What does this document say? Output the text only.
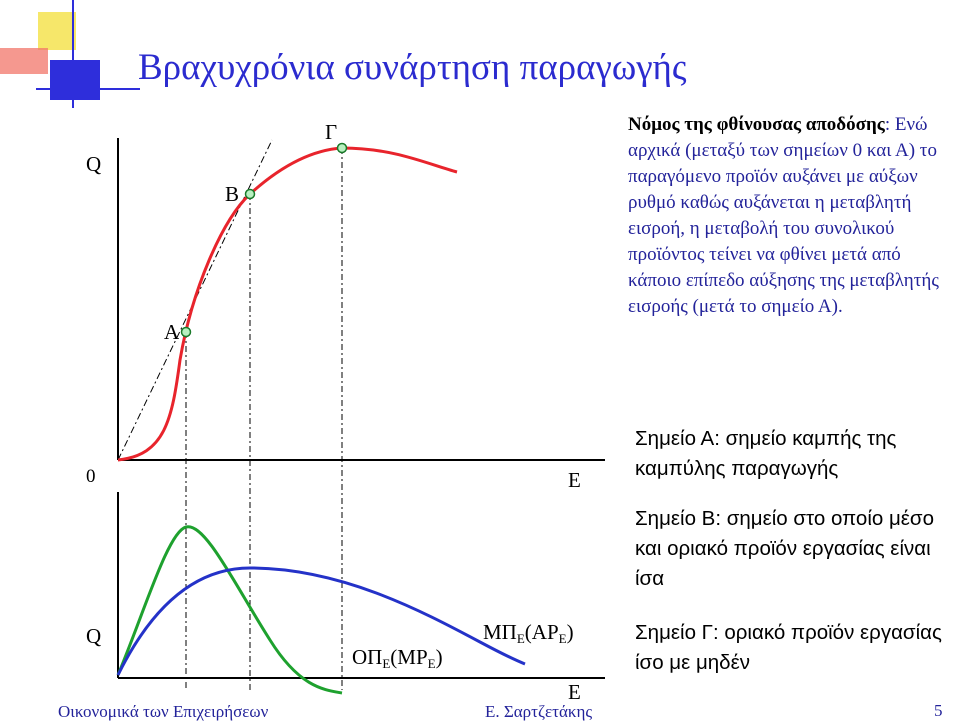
Βραχυχρόνια συνάρτηση παραγωγής
Q
0	E
A
B
Γ
Q
E
$O\Pi_E(MP_E)$
$M\Pi_E(AP_E)$
Νόμος της φθίνουσας αποδόσης: Ενώ αρχικά (μεταξύ των σημείων 0 και Α) το παραγόμενο προϊόν αυξάνει με αύξων ρυθμό καθώς αυξάνεται η μεταβλητή εισροή, η μεταβολή του συνολικού προϊόντος τείνει να φθίνει μετά από κάποιο επίπεδο αύξησης της μεταβλητής εισροής (μετά το σημείο Α).
Σημείο Α: σημείο καμπής της καμπύλης παραγωγής
Σημείο Β: σημείο στο οποίο μέσο και οριακό προϊόν εργασίας είναι ίσα
Σημείο Γ: οριακό προϊόν εργασίας ίσο με μηδέν
Οικονομικά των Επιχειρήσεων	Ε. Σαρτζετάκης	5
